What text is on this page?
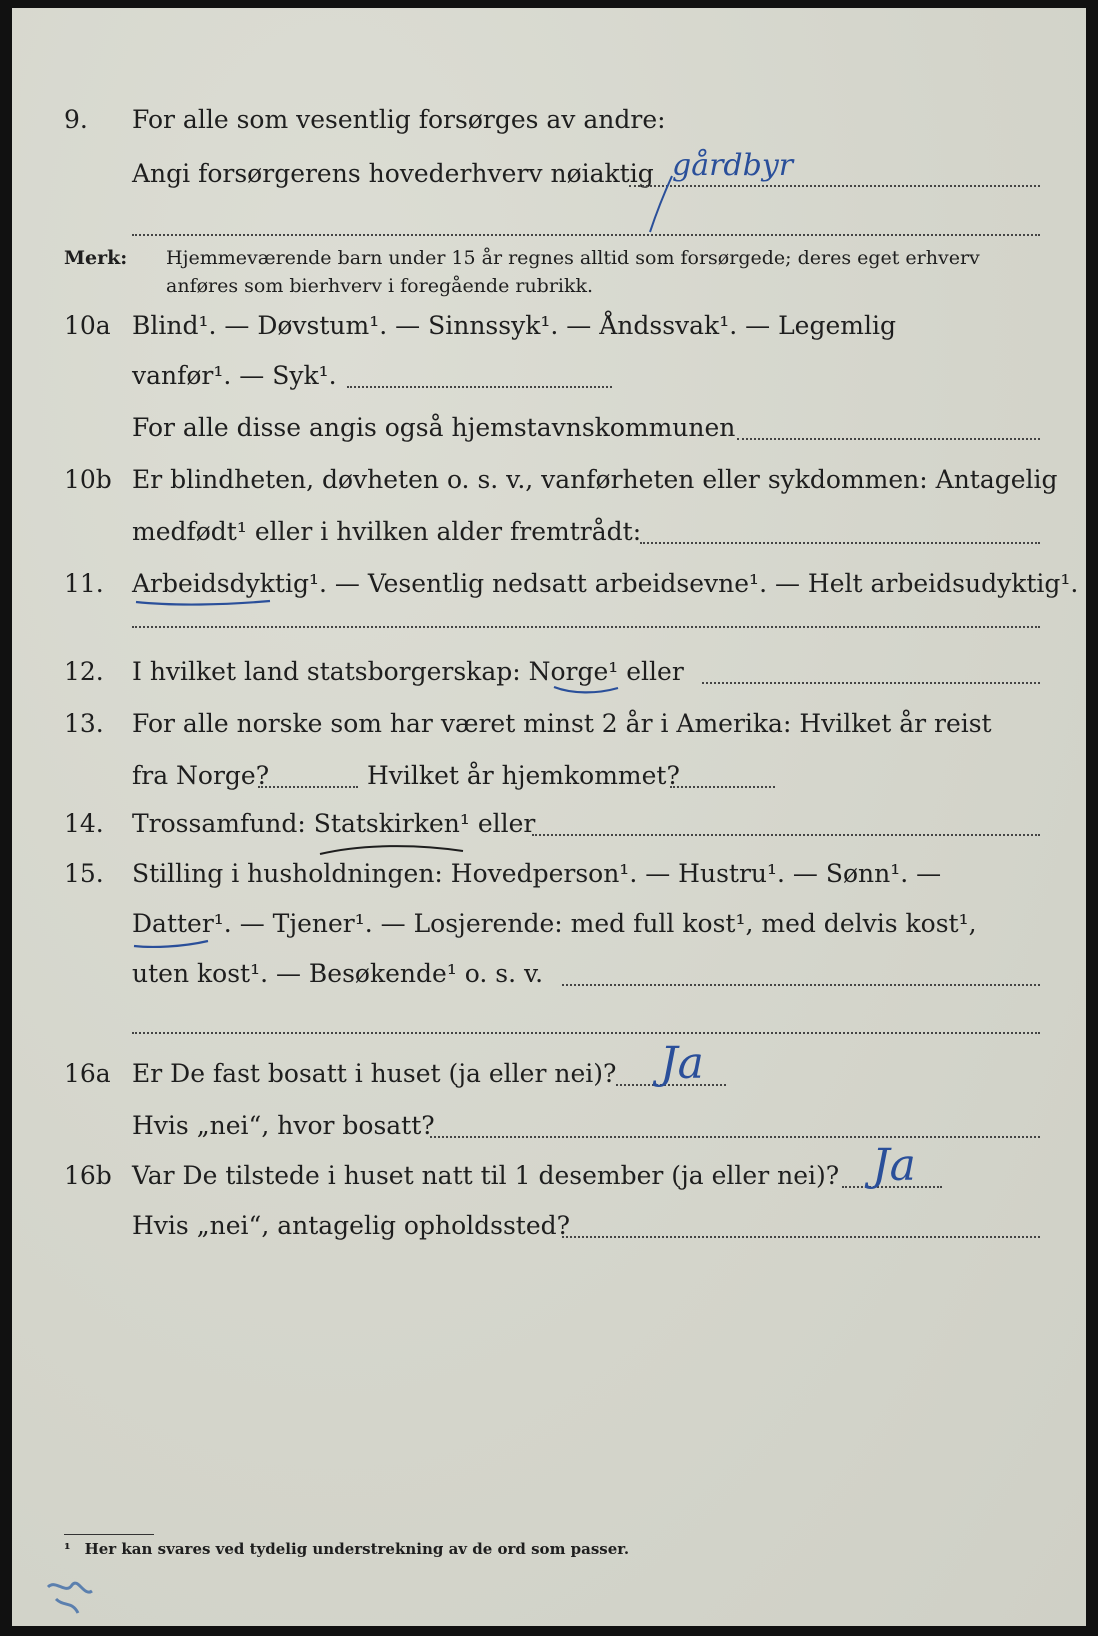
9. For alle som vesentlig forsørges av andre:
Angi forsørgerens hovederhverv nøiaktig gårdbyr
Merk: Hjemmeværende barn under 15 år regnes alltid som forsørgede; deres eget erhverv
anføres som bierhverv i foregående rubrikk.
10a Blind¹. — Døvstum¹. — Sinnssyk¹. — Åndssvak¹. — Legemlig
vanfør¹. — Syk¹.
For alle disse angis også hjemstavnskommunen
10b Er blindheten, døvheten o. s. v., vanførheten eller sykdommen: Antagelig
medfødt¹ eller i hvilken alder fremtrådt:
11. Arbeidsdyktig¹. — Vesentlig nedsatt arbeidsevne¹. — Helt arbeidsudyktig¹.
12. I hvilket land statsborgerskap: Norge¹ eller
13. For alle norske som har været minst 2 år i Amerika: Hvilket år reist
fra Norge?	Hvilket år hjemkommet?
14. Trossamfund: Statskirken¹ eller
15. Stilling i husholdningen: Hovedperson¹. — Hustru¹. — Sønn¹. —
Datter¹. — Tjener¹. — Losjerende: med full kost¹, med delvis kost¹,
uten kost¹. — Besøkende¹ o. s. v.
16a Er De fast bosatt i huset (ja eller nei)? Ja
Hvis „nei“, hvor bosatt?
16b Var De tilstede i huset natt til 1 desember (ja eller nei)? Ja
Hvis „nei“, antagelig opholdssted?
¹ Her kan svares ved tydelig understrekning av de ord som passer.
